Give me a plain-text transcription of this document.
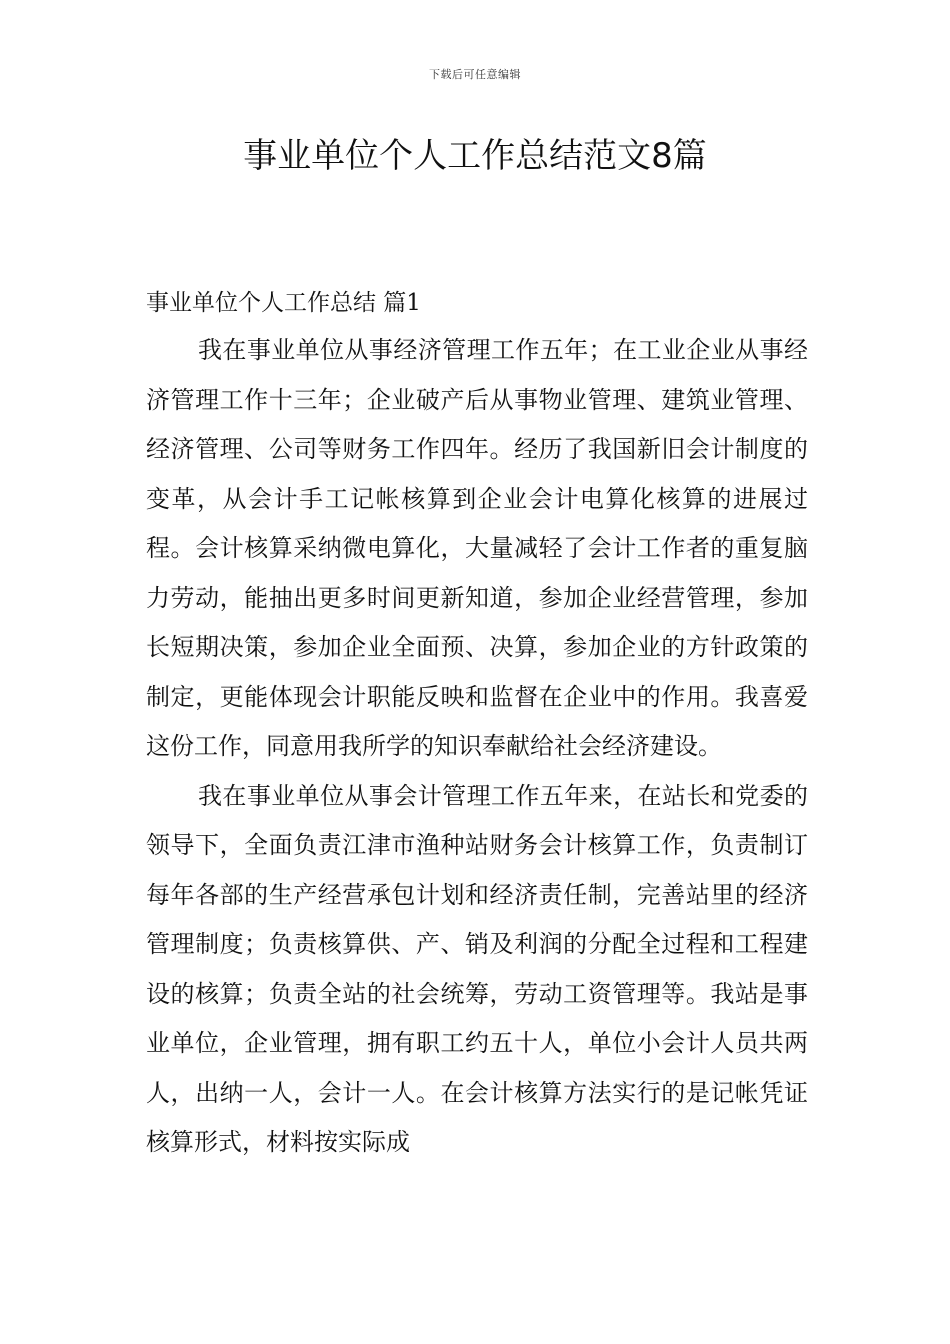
下载后可任意编辑
事业单位个人工作总结范文8篇
事业单位个人工作总结 篇1

我在事业单位从事经济管理工作五年；在工业企业从事经济管理工作十三年；企业破产后从事物业管理、建筑业管理、经济管理、公司等财务工作四年。经历了我国新旧会计制度的变革，从会计手工记帐核算到企业会计电算化核算的进展过程。会计核算采纳微电算化，大量减轻了会计工作者的重复脑力劳动，能抽出更多时间更新知道，参加企业经营管理，参加长短期决策，参加企业全面预、决算，参加企业的方针政策的制定，更能体现会计职能反映和监督在企业中的作用。我喜爱这份工作，同意用我所学的知识奉献给社会经济建设。

我在事业单位从事会计管理工作五年来，在站长和党委的领导下，全面负责江津市渔种站财务会计核算工作，负责制订每年各部的生产经营承包计划和经济责任制，完善站里的经济管理制度；负责核算供、产、销及利润的分配全过程和工程建设的核算；负责全站的社会统筹，劳动工资管理等。我站是事业单位，企业管理，拥有职工约五十人，单位小会计人员共两人，出纳一人，会计一人。在会计核算方法实行的是记帐凭证核算形式，材料按实际成
